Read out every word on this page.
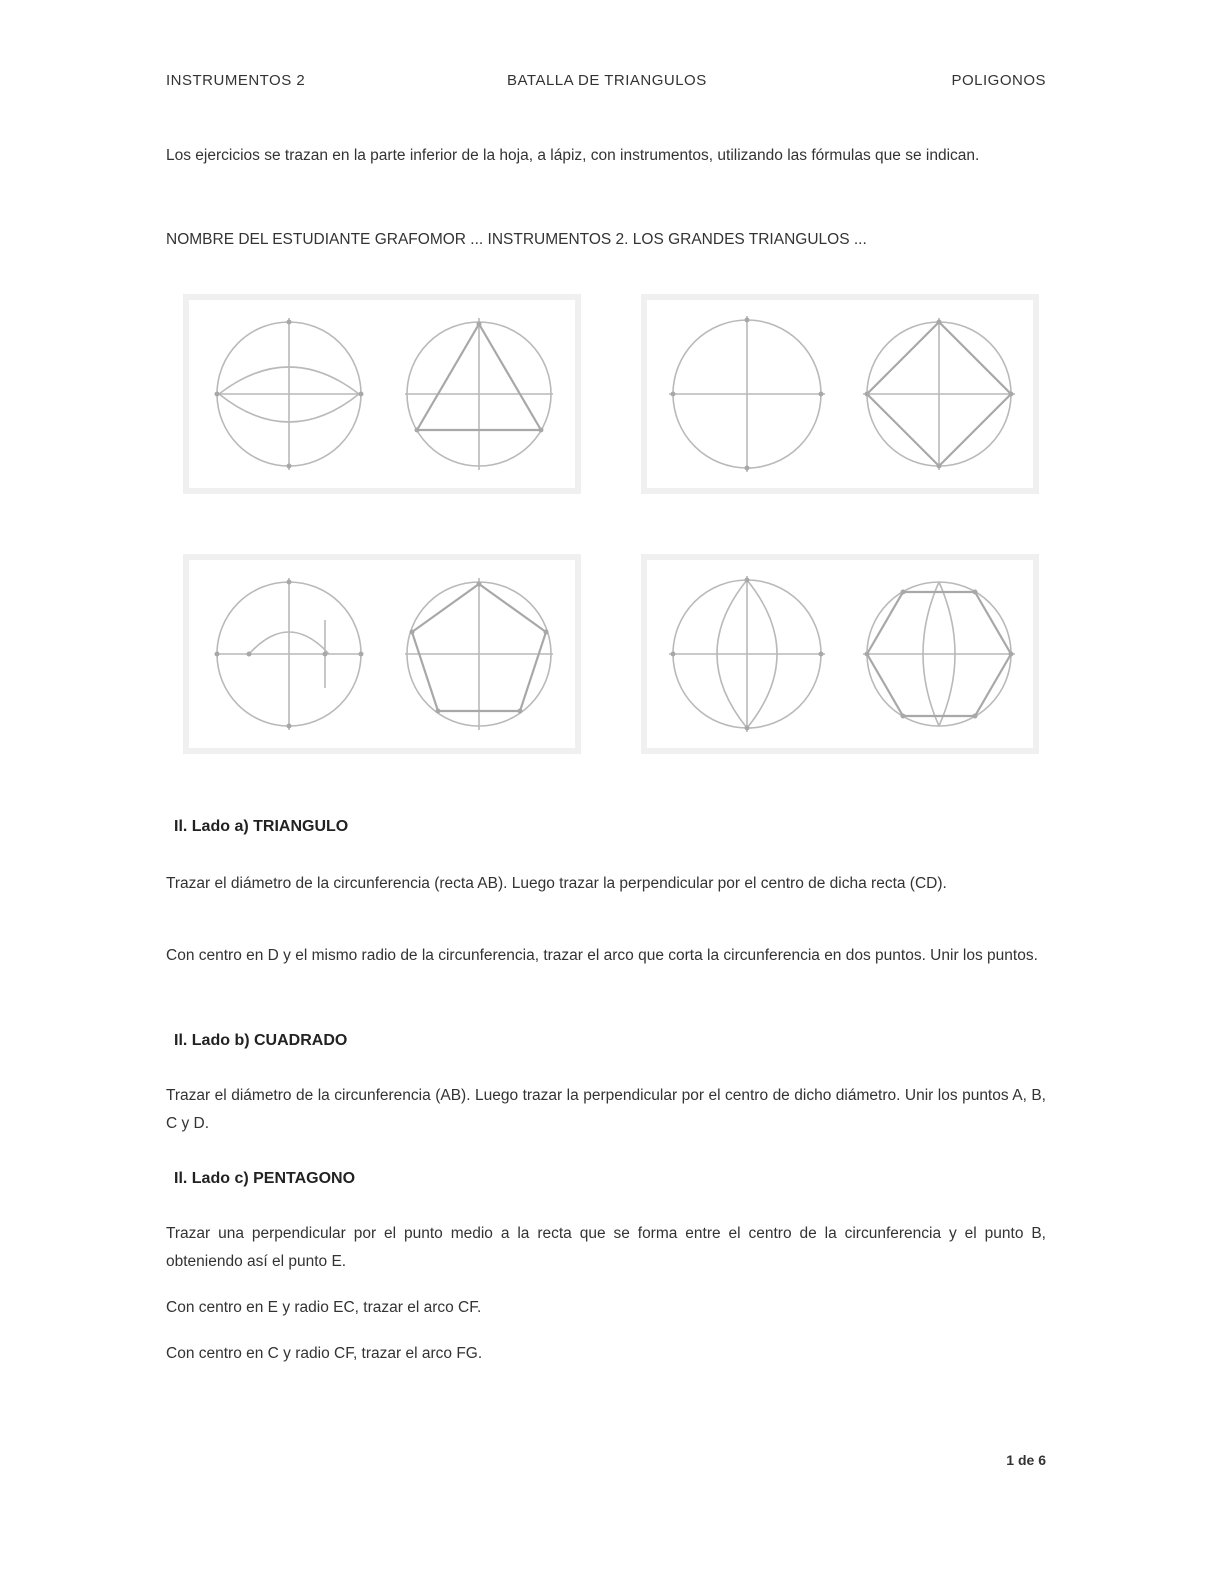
INSTRUMENTOS 2	BATALLA DE TRIANGULOS	POLIGONOS

Los ejercicios se trazan en la parte inferior de la hoja, a lápiz, con instrumentos, utilizando las fórmulas que se indican.

NOMBRE DEL ESTUDIANTE GRAFOMOR ... INSTRUMENTOS 2. LOS GRANDES TRIANGULOS ...

Il. Lado a) TRIANGULO

Trazar el diámetro de la circunferencia (recta AB). Luego trazar la perpendicular por el centro de dicha recta (CD).

Con centro en D y el mismo radio de la circunferencia, trazar el arco que corta la circunferencia en dos puntos. Unir los puntos.

Il. Lado b) CUADRADO

Trazar el diámetro de la circunferencia (AB). Luego trazar la perpendicular por el centro de dicho diámetro. Unir los puntos A, B, C y D.

Il. Lado c) PENTAGONO

Trazar una perpendicular por el punto medio a la recta que se forma entre el centro de la circunferencia y el punto B, obteniendo así el punto E.

Con centro en E y radio EC, trazar el arco CF.

Con centro en C y radio CF, trazar el arco FG.

1 de 6
